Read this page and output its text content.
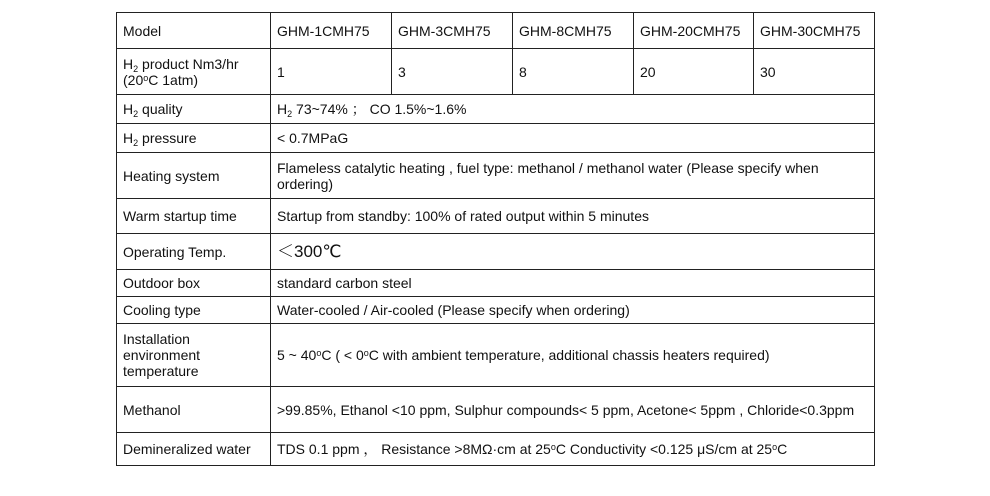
Model	GHM-1CMH75	GHM-3CMH75	GHM-8CMH75	GHM-20CMH75	GHM-30CMH75
$H_2$ product Nm3/hr
(20$^o$C 1atm)	1	3	8	20	30
$H_2$ quality	$H_2$ 73~74% ； CO 1.5%~1.6%				
$H_2$ pressure	< 0.7MPaG				
Heating system	Flameless catalytic heating , fuel type: methanol / methanol water (Please specify when ordering)				
Warm startup time	Startup from standby: 100% of rated output within 5 minutes				
Operating Temp.	＜300℃				
Outdoor box	standard carbon steel				
Cooling type	Water-cooled / Air-cooled (Please specify when ordering)				
Installation
environment
temperature	5 ~ 40$^o$C ( < $0^oC$ with ambient temperature, additional chassis heaters required)				
Methanol	>99.85%, Ethanol <10 ppm, Sulphur compounds< 5 ppm, Acetone< 5ppm , Chloride<0.3ppm				
Demineralized water	TDS 0.1 ppm ， Resistance >8MΩ·cm at 25$^o$C Conductivity <0.125 μS/cm at 25$^o$C				
